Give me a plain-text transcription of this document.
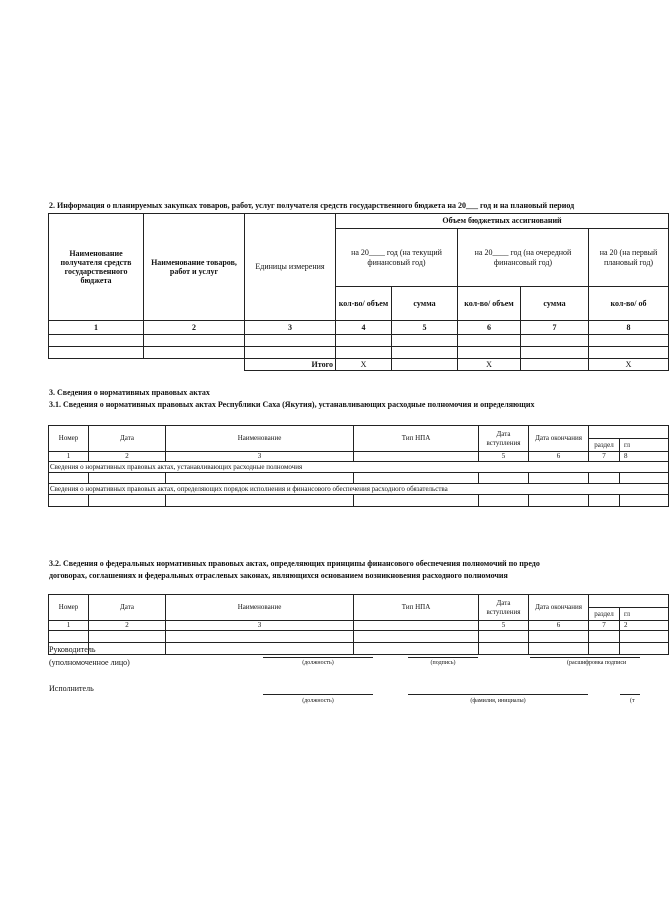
2. Информация о планируемых закупках товаров, работ, услуг получателя средств государственного бюджета на 20___ год и на плановый период
Наименование получателя средств государственного бюджета	Наименование товаров, работ и услуг	Единицы измерения	Объем бюджетных ассигнований				
			на 20____ год (на текущий финансовый год)		на 20____ год (на очередной финансовый год)		на 20 (на первый плановый год)
			кол-во/ объем	сумма	кол-во/ объем	сумма	кол-во/ об
1	2	3	4	5	6	7	8

		Итого	X		X		X
3. Сведения о нормативных правовых актах
3.1. Сведения о нормативных правовых актах Республики Саха (Якутия), устанавливающих расходные полномочия и определяющих
Номер	Дата	Наименование	Тип НПА	Дата вступления	Дата окончания		
						раздел	гл
1	2	3		5	6	7	8
Сведения о нормативных правовых актах, устанавливающих расходные полномочия							

Сведения о нормативных правовых актах, определяющих порядок исполнения и финансового обеспечения расходного обязательства							

3.2. Сведения о федеральных нормативных правовых актах, определяющих принципы финансового обеспечения полномочий по предо
договорах, соглашениях и федеральных отраслевых законах, являющихся основанием возникновения расходного полномочия
Номер	Дата	Наименование	Тип НПА	Дата вступления	Дата окончания		
						раздел	гл
1	2	3		5	6	7	2

Руководитель
(уполномоченное лицо)	(должность)	(подпись)	(расшифровка подписи
Исполнитель
(должность)	(фамилия, инициалы)	(т
